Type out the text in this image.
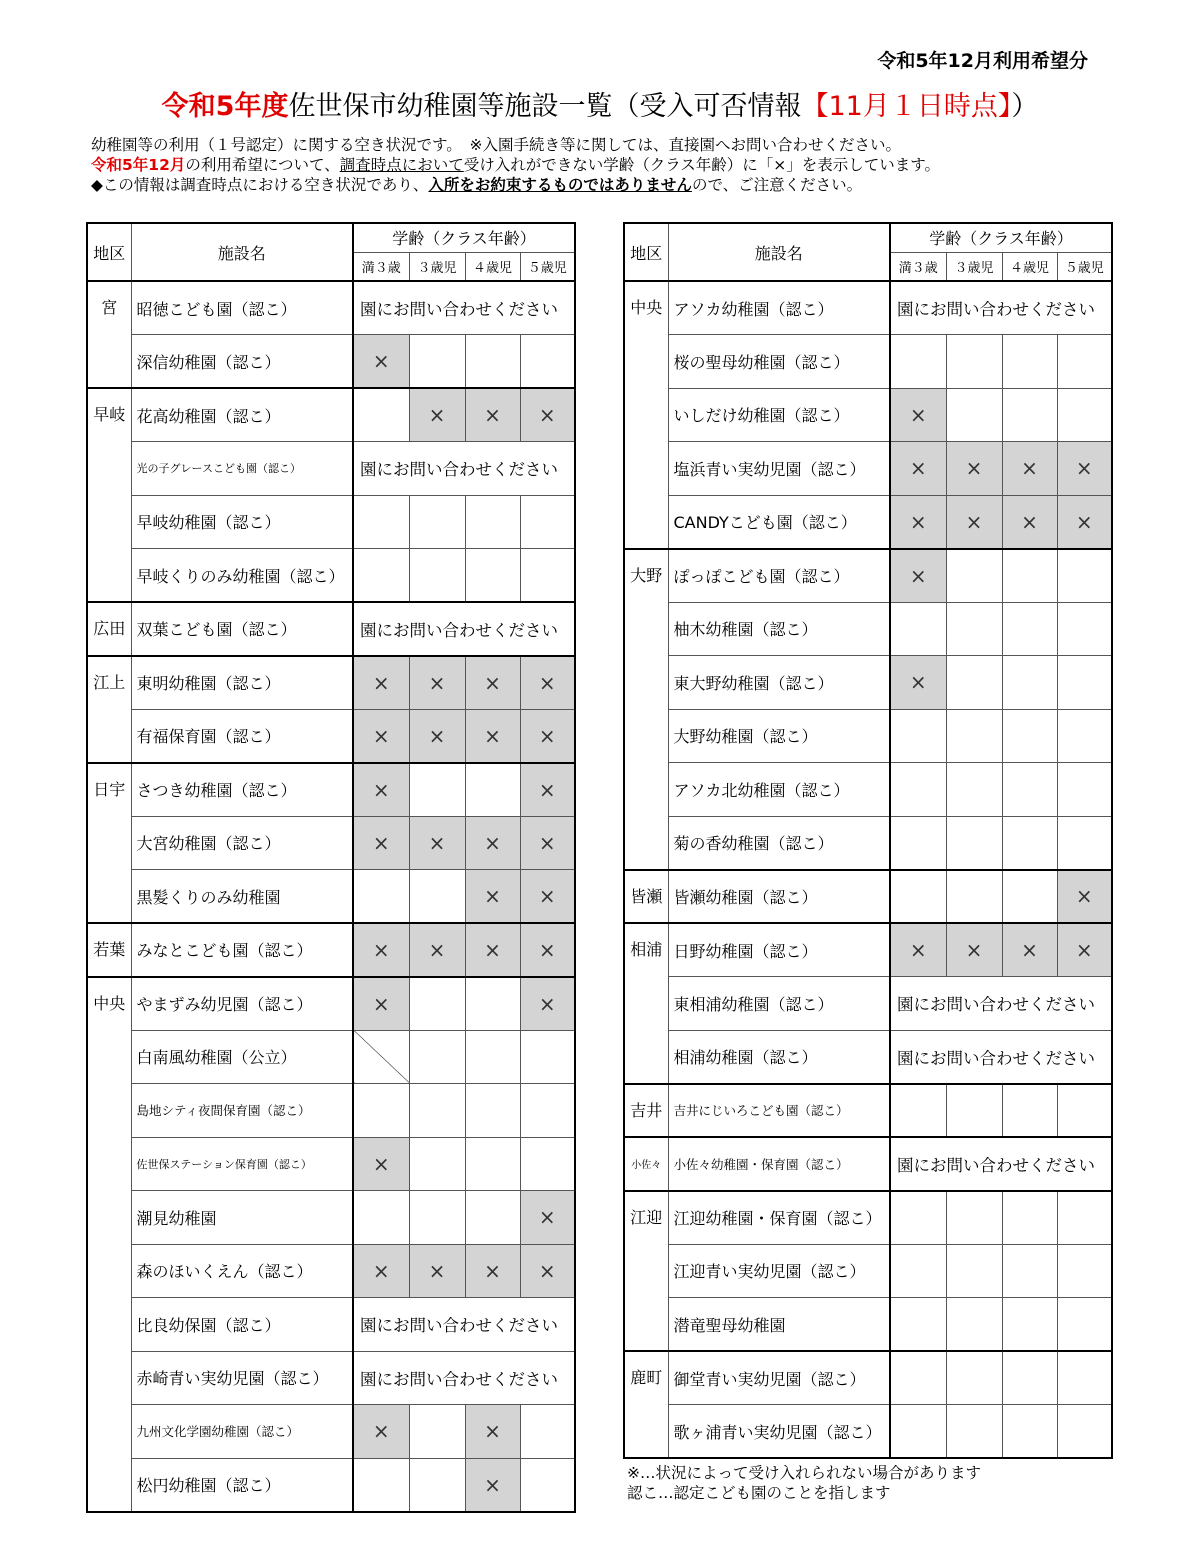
令和5年12月利用希望分
令和5年度佐世保市幼稚園等施設一覧（受入可否情報【11月１日時点】）
幼稚園等の利用（１号認定）に関する空き状況です。　※入園手続き等に関しては、直接園へお問い合わせください。
令和5年12月の利用希望について、調査時点において受け入れができない学齢（クラス年齢）に「×」を表示しています。
◆この情報は調査時点における空き状況であり、入所をお約束するものではありませんので、ご注意ください。
地区	施設名	学齢（クラス年齢）			
		満３歳	３歳児	４歳児	５歳児
宮	昭徳こども園（認こ）	園にお問い合わせください			
	深信幼稚園（認こ）	×			
早岐	花高幼稚園（認こ）		×	×	×
	光の子グレースこども園（認こ）	園にお問い合わせください			
	早岐幼稚園（認こ）				
	早岐くりのみ幼稚園（認こ）				
広田	双葉こども園（認こ）	園にお問い合わせください			
江上	東明幼稚園（認こ）	×	×	×	×
	有福保育園（認こ）	×	×	×	×
日宇	さつき幼稚園（認こ）	×			×
	大宮幼稚園（認こ）	×	×	×	×
	黒髪くりのみ幼稚園			×	×
若葉	みなとこども園（認こ）	×	×	×	×
中央	やまずみ幼児園（認こ）	×			×
	白南風幼稚園（公立）				
	島地シティ夜間保育園（認こ）				
	佐世保ステーション保育園（認こ）	×			
	潮見幼稚園				×
	森のほいくえん（認こ）	×	×	×	×
	比良幼保園（認こ）	園にお問い合わせください			
	赤崎青い実幼児園（認こ）	園にお問い合わせください			
	九州文化学園幼稚園（認こ）	×		×	
	松円幼稚園（認こ）			×	
地区	施設名	学齢（クラス年齢）			
		満３歳	３歳児	４歳児	５歳児
中央	アソカ幼稚園（認こ）	園にお問い合わせください			
	桜の聖母幼稚園（認こ）				
	いしだけ幼稚園（認こ）	×			
	塩浜青い実幼児園（認こ）	×	×	×	×
	CANDYこども園（認こ）	×	×	×	×
大野	ぽっぽこども園（認こ）	×			
	柚木幼稚園（認こ）				
	東大野幼稚園（認こ）	×			
	大野幼稚園（認こ）				
	アソカ北幼稚園（認こ）				
	菊の香幼稚園（認こ）				
皆瀬	皆瀬幼稚園（認こ）				×
相浦	日野幼稚園（認こ）	×	×	×	×
	東相浦幼稚園（認こ）	園にお問い合わせください			
	相浦幼稚園（認こ）	園にお問い合わせください			
吉井	吉井にじいろこども園（認こ）				
小佐々	小佐々幼稚園・保育園（認こ）	園にお問い合わせください			
江迎	江迎幼稚園・保育園（認こ）				
	江迎青い実幼児園（認こ）				
	潜竜聖母幼稚園				
鹿町	御堂青い実幼児園（認こ）				
	歌ヶ浦青い実幼児園（認こ）				
※…状況によって受け入れられない場合があります
認こ…認定こども園のことを指します
